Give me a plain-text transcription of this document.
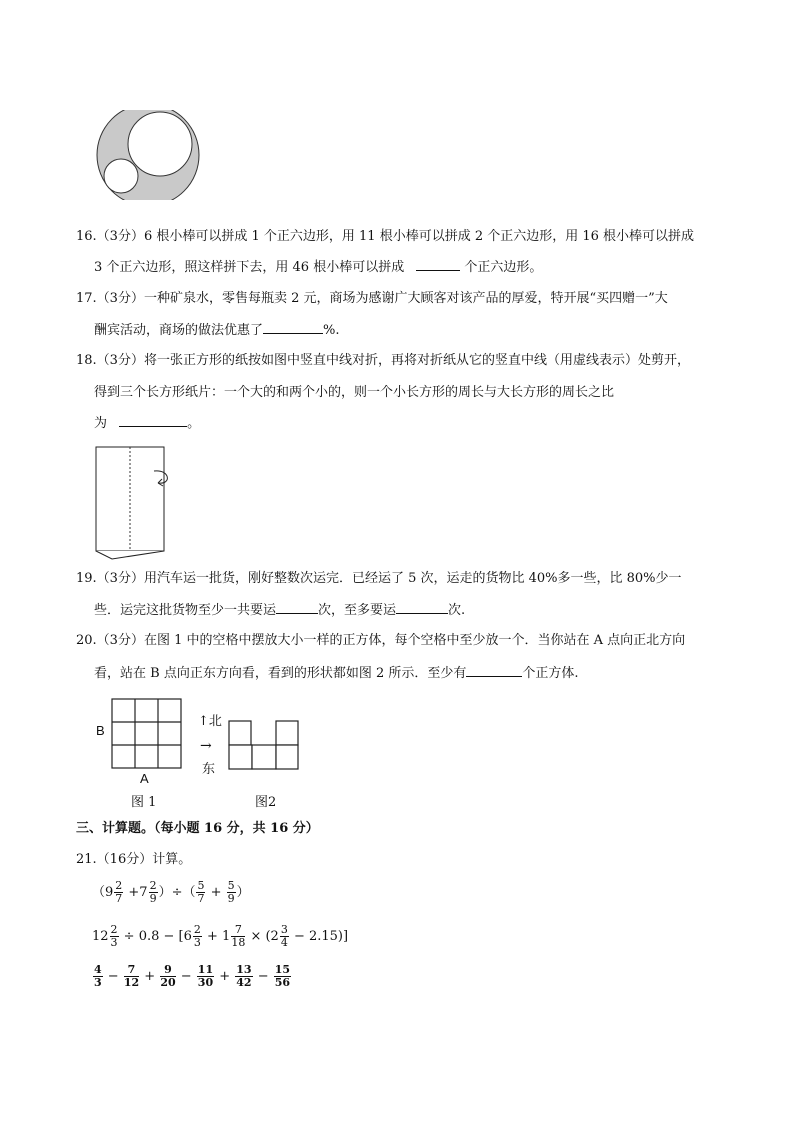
16.（3分）6 根小棒可以拼成 1 个正六边形，用 11 根小棒可以拼成 2 个正六边形，用 16 根小棒可以拼成
3 个正六边形，照这样拼下去，用 46 根小棒可以拼成	个正六边形。
17.（3分）一种矿泉水，零售每瓶卖 2 元，商场为感谢广大顾客对该产品的厚爱，特开展“买四赠一”大
酬宾活动，商场的做法优惠了	%.
18.（3分）将一张正方形的纸按如图中竖直中线对折，再将对折纸从它的竖直中线（用虚线表示）处剪开，
得到三个长方形纸片：一个大的和两个小的，则一个小长方形的周长与大长方形的周长之比
为	。
19.（3分）用汽车运一批货，刚好整数次运完．已经运了 5 次，运走的货物比 40%多一些，比 80%少一
些．运完这批货物至少一共要运	次，至多要运	次.
20.（3分）在图 1 中的空格中摆放大小一样的正方体，每个空格中至少放一个．当你站在 A 点向正北方向
看，站在 B 点向正东方向看，看到的形状都如图 2 所示．至少有	个正方体.
B
A
图 1
↑北
→
东
图2
三、计算题。（每小题 16 分，共 16 分）
21.（16分）计算。
（$9 \frac{2}{7} +7 \frac{2}{9}$ ）÷（ $\frac{5}{7} + \frac{5}{9}$ ）
$12 \frac{2}{3} \div 0.8 - [6 \frac{2}{3} + 1 \frac{7}{18} \times (2 \frac{3}{4} - 2.15)]$
$\frac{4}{3} - \frac{7}{12} + \frac{9}{20} - \frac{11}{30} + \frac{13}{42} - \frac{15}{56}$
